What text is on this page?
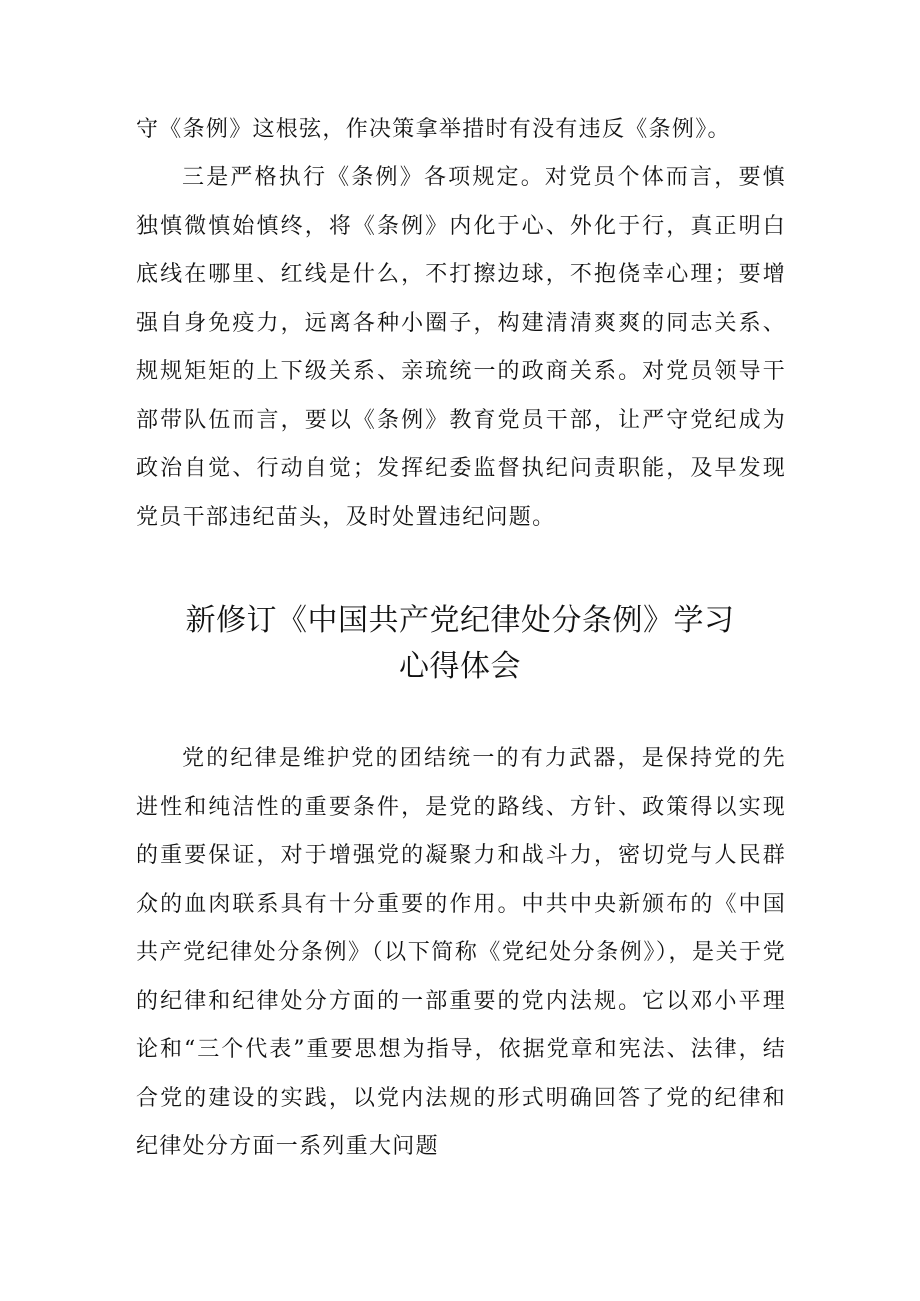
守《条例》这根弦，作决策拿举措时有没有违反《条例》。

三是严格执行《条例》各项规定。对党员个体而言，要慎独慎微慎始慎终，将《条例》内化于心、外化于行，真正明白底线在哪里、红线是什么，不打擦边球，不抱侥幸心理；要增强自身免疫力，远离各种小圈子，构建清清爽爽的同志关系、规规矩矩的上下级关系、亲琉统一的政商关系。对党员领导干部带队伍而言，要以《条例》教育党员干部，让严守党纪成为政治自觉、行动自觉；发挥纪委监督执纪问责职能，及早发现党员干部违纪苗头，及时处置违纪问题。

新修订《中国共产党纪律处分条例》学习
心得体会

党的纪律是维护党的团结统一的有力武器，是保持党的先进性和纯洁性的重要条件，是党的路线、方针、政策得以实现的重要保证，对于增强党的凝聚力和战斗力，密切党与人民群众的血肉联系具有十分重要的作用。中共中央新颁布的《中国共产党纪律处分条例》（以下简称《党纪处分条例》），是关于党的纪律和纪律处分方面的一部重要的党内法规。它以邓小平理论和“三个代表”重要思想为指导，依据党章和宪法、法律，结合党的建设的实践，以党内法规的形式明确回答了党的纪律和纪律处分方面一系列重大问题
